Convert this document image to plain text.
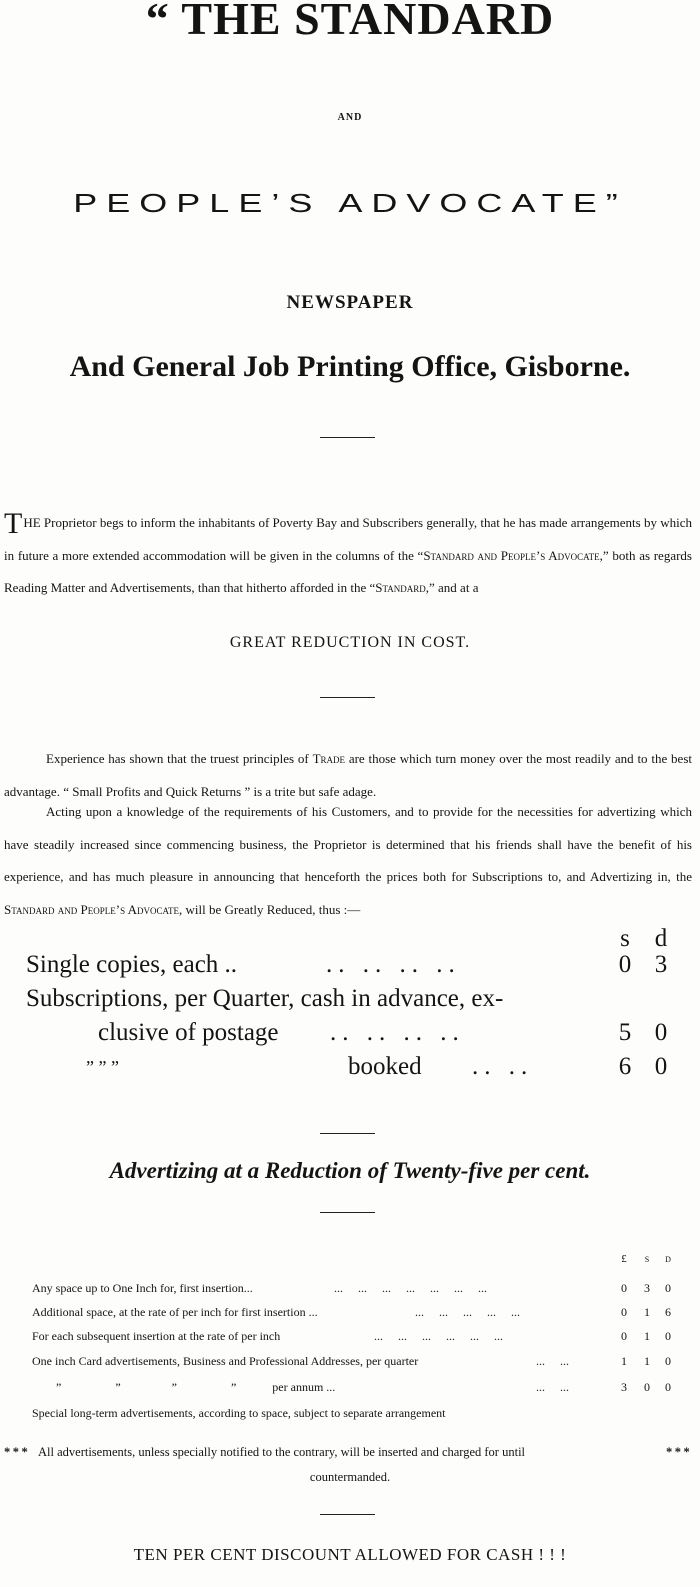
“ THE STANDARD
AND
PEOPLE’S ADVOCATE”
NEWSPAPER
And General Job Printing Office, Gisborne.
THE Proprietor begs to inform the inhabitants of Poverty Bay and Subscribers generally, that he has made arrangements by which in future a more extended accommodation will be given in the columns of the “Standard and People’s Advocate,” both as regards Reading Matter and Advertisements, than that hitherto afforded in the “Standard,” and at a
GREAT REDUCTION IN COST.
Experience has shown that the truest principles of Trade are those which turn money over the most readily and to the best advantage. “ Small Profits and Quick Returns ” is a trite but safe adage.
Acting upon a knowledge of the requirements of his Customers, and to provide for the necessities for advertizing which have steadily increased since commencing business, the Proprietor is determined that his friends shall have the benefit of his experience, and has much pleasure in announcing that henceforth the prices both for Subscriptions to, and Advertizing in, the Standard and People’s Advocate, will be Greatly Reduced, thus :—
s d
Single copies, each ..	.. .. .. ..	0 3
Subscriptions, per Quarter, cash in advance, ex-
clusive of postage .. .. .. ..	5 0
” ” ”	booked .. ..	6 0
Advertizing at a Reduction of Twenty-five per cent.
£	s	d
Any space up to One Inch for, first insertion...	...     ...     ...     ...     ...     ...     ...	0	3	0
Additional space, at the rate of per inch for first insertion ...	...     ...     ...     ...     ...	0	1	6
For each subsequent insertion at the rate of per inch	...     ...     ...     ...     ...     ...	0	1	0
One inch Card advertisements, Business and Professional Addresses, per quarter	...     ...	1	1	0
”                  ”                 ”                  ”            per annum ...	...     ...	3	0	0
Special long-term advertisements, according to space, subject to separate arrangement
* * * All advertisements, unless specially notified to the contrary, will be inserted and charged for until	* * *
countermanded.
TEN PER CENT DISCOUNT ALLOWED FOR CASH ! ! !
